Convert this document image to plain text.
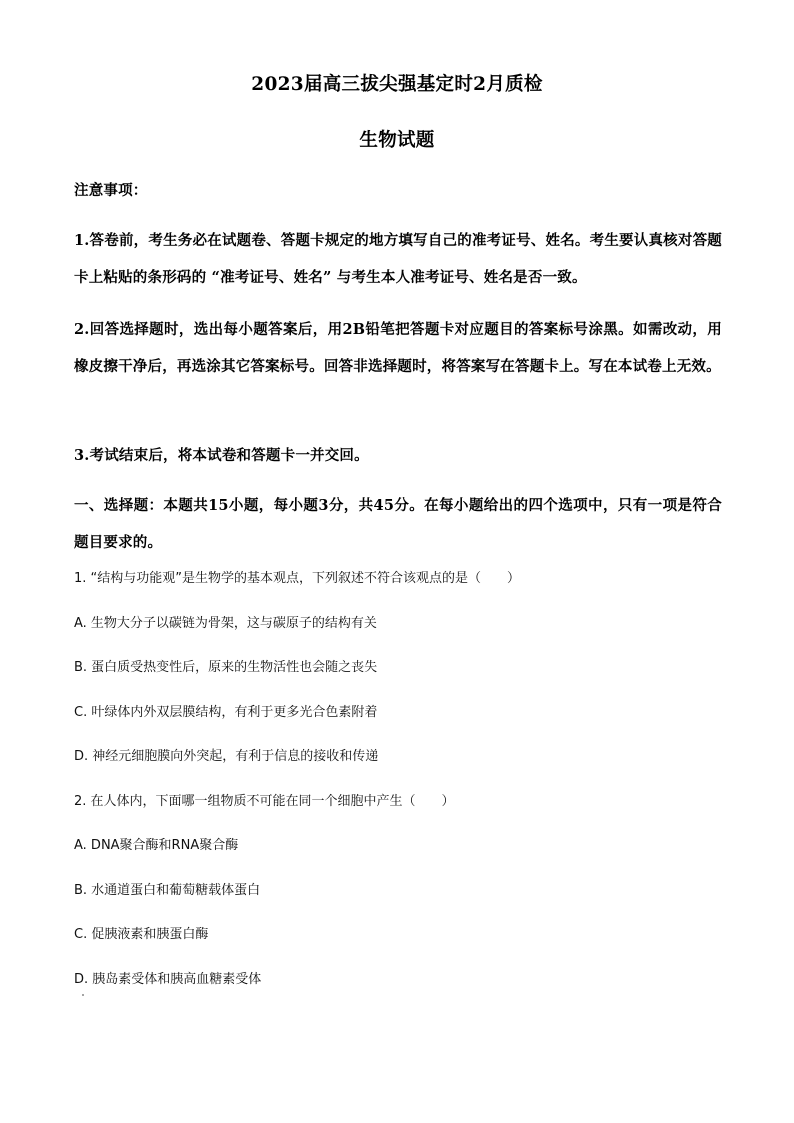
2023届高三拔尖强基定时2月质检
生物试题
注意事项：
1.答卷前，考生务必在试题卷、答题卡规定的地方填写自己的准考证号、姓名。考生要认真核对答题卡上粘贴的条形码的 “准考证号、姓名” 与考生本人准考证号、姓名是否一致。
2.回答选择题时，选出每小题答案后，用2B铅笔把答题卡对应题目的答案标号涂黑。如需改动，用橡皮擦干净后，再选涂其它答案标号。回答非选择题时，将答案写在答题卡上。写在本试卷上无效。
3.考试结束后，将本试卷和答题卡一并交回。
一、选择题：本题共15小题，每小题3分，共45分。在每小题给出的四个选项中，只有一项是符合题目要求的。
1. “结构与功能观”是生物学的基本观点，下列叙述不符合该观点的是（　　）
A. 生物大分子以碳链为骨架，这与碳原子的结构有关
B. 蛋白质受热变性后，原来的生物活性也会随之丧失
C. 叶绿体内外双层膜结构，有利于更多光合色素附着
D. 神经元细胞膜向外突起，有利于信息的接收和传递
2. 在人体内，下面哪一组物质不可能在同一个细胞中产生（　　）
A. DNA聚合酶和RNA聚合酶
B. 水通道蛋白和葡萄糖载体蛋白
C. 促胰液素和胰蛋白酶
D. 胰岛素受体和胰高血糖素受体
